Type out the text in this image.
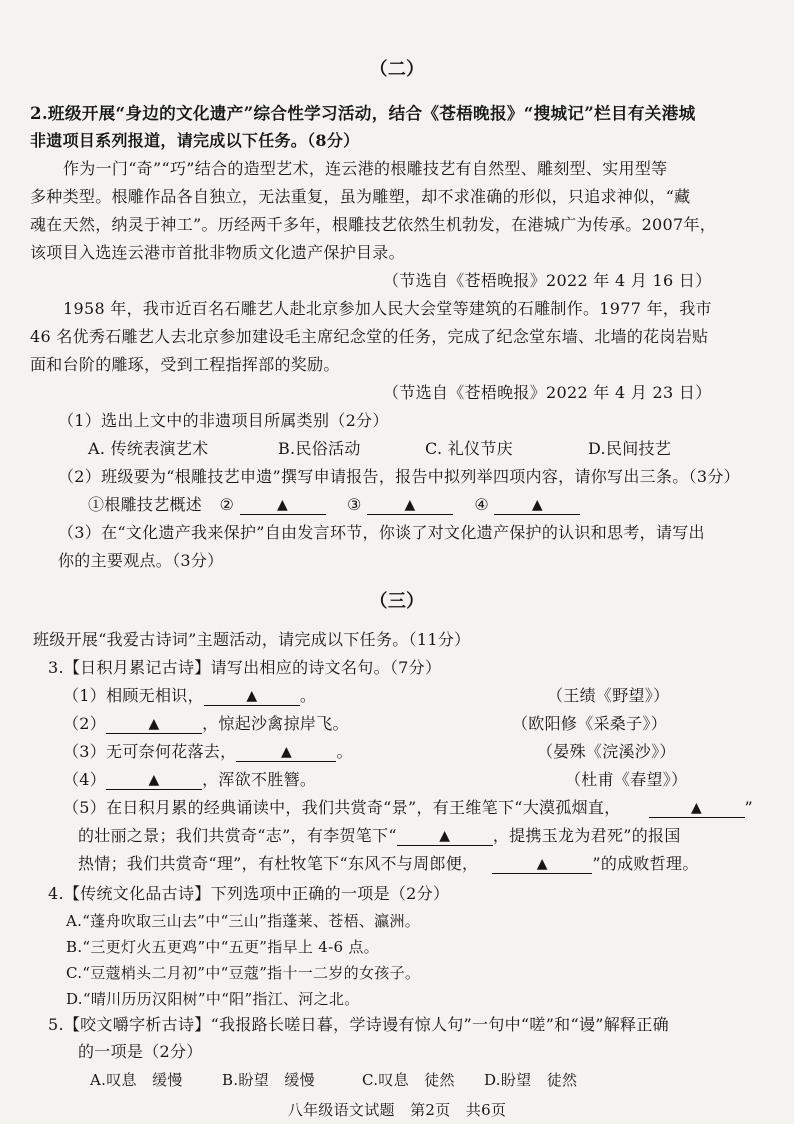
（二）
2.班级开展“身边的文化遗产”综合性学习活动，结合《苍梧晚报》“搜城记”栏目有关港城
非遗项目系列报道，请完成以下任务。（8分）
作为一门“奇”“巧”结合的造型艺术，连云港的根雕技艺有自然型、雕刻型、实用型等
多种类型。根雕作品各自独立，无法重复，虽为雕塑，却不求准确的形似，只追求神似，“藏
魂在天然，纳灵于神工”。历经两千多年，根雕技艺依然生机勃发，在港城广为传承。2007年，
该项目入选连云港市首批非物质文化遗产保护目录。
（节选自《苍梧晚报》2022 年 4 月 16 日）
1958 年，我市近百名石雕艺人赴北京参加人民大会堂等建筑的石雕制作。1977 年，我市
46 名优秀石雕艺人去北京参加建设毛主席纪念堂的任务，完成了纪念堂东墙、北墙的花岗岩贴
面和台阶的雕琢，受到工程指挥部的奖励。
（节选自《苍梧晚报》2022 年 4 月 23 日）
（1）选出上文中的非遗项目所属类别（2分）
A. 传统表演艺术	B.民俗活动	C. 礼仪节庆	D.民间技艺
（2）班级要为“根雕技艺申遗”撰写申请报告，报告中拟列举四项内容，请你写出三条。（3分）
①根雕技艺概述 ②	▲	③	▲	④	▲
（3）在“文化遗产我来保护”自由发言环节，你谈了对文化遗产保护的认识和思考，请写出
你的主要观点。（3分）
（三）
班级开展“我爱古诗词”主题活动，请完成以下任务。（11分）
3.【日积月累记古诗】请写出相应的诗文名句。（7分）
（1）相顾无相识，	▲	。	（王绩《野望》）
（2）	▲	，惊起沙禽掠岸飞。	（欧阳修《采桑子》）
（3）无可奈何花落去，	▲	。	（晏殊《浣溪沙》）
（4）	▲	，浑欲不胜簪。	（杜甫《春望》）
（5）在日积月累的经典诵读中，我们共赏奇“景”，有王维笔下“大漠孤烟直，	▲	”
的壮丽之景；我们共赏奇“志”，有李贺笔下“	▲	，提携玉龙为君死”的报国
热情；我们共赏奇“理”，有杜牧笔下“东风不与周郎便，	▲	”的成败哲理。
4.【传统文化品古诗】下列选项中正确的一项是（2分）
A.“蓬舟吹取三山去”中“三山”指蓬莱、苍梧、瀛洲。
B.“三更灯火五更鸡”中“五更”指早上 4-6 点。
C.“豆蔻梢头二月初”中“豆蔻”指十一二岁的女孩子。
D.“晴川历历汉阳树”中“阳”指江、河之北。
5.【咬文嚼字析古诗】“我报路长嗟日暮，学诗谩有惊人句”一句中“嗟”和“谩”解释正确
的一项是（2分）
A.叹息　缓慢	B.盼望　缓慢	C.叹息　徒然 D.盼望　徒然
八年级语文试题　第2页　共6页
